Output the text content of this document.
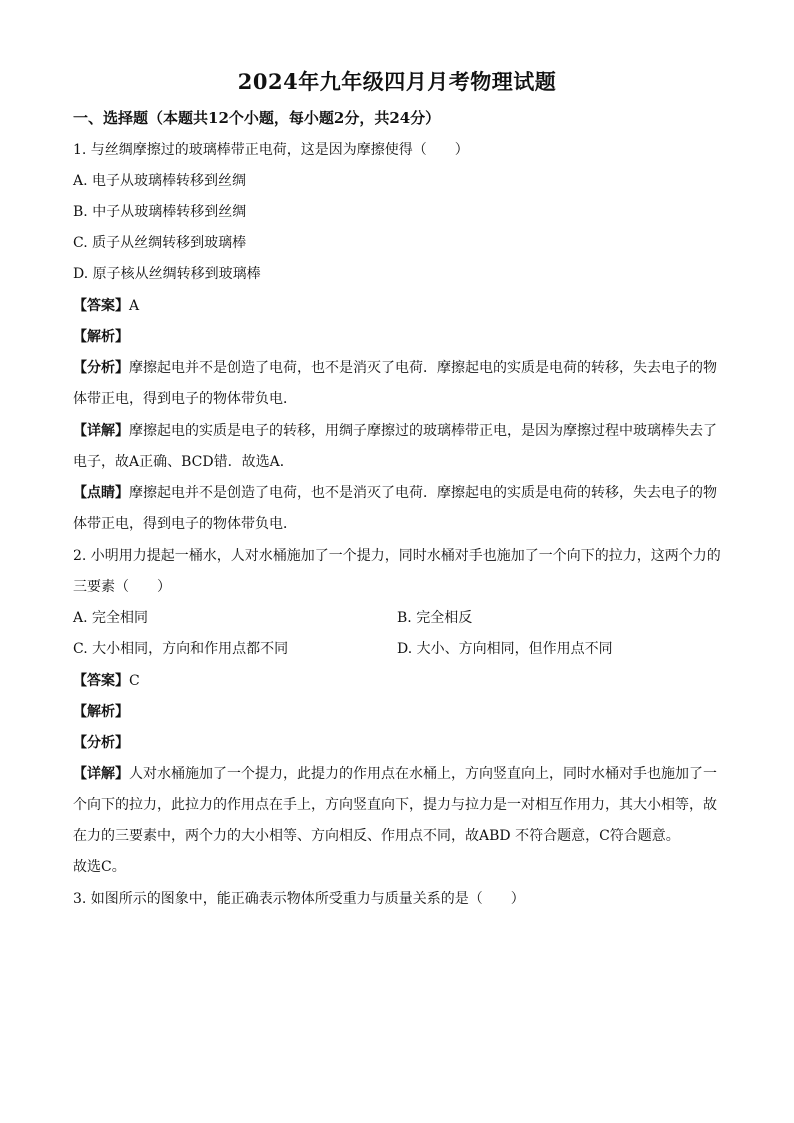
2024年九年级四月月考物理试题
一、选择题（本题共12个小题，每小题2分，共24分）
1. 与丝绸摩擦过的玻璃棒带正电荷，这是因为摩擦使得（　　）
A. 电子从玻璃棒转移到丝绸
B. 中子从玻璃棒转移到丝绸
C. 质子从丝绸转移到玻璃棒
D. 原子核从丝绸转移到玻璃棒
【答案】A
【解析】
【分析】摩擦起电并不是创造了电荷，也不是消灭了电荷．摩擦起电的实质是电荷的转移，失去电子的物
体带正电，得到电子的物体带负电．
【详解】摩擦起电的实质是电子的转移，用绸子摩擦过的玻璃棒带正电，是因为摩擦过程中玻璃棒失去了
电子，故A正确、BCD错．故选A．
【点睛】摩擦起电并不是创造了电荷，也不是消灭了电荷．摩擦起电的实质是电荷的转移，失去电子的物
体带正电，得到电子的物体带负电．
2. 小明用力提起一桶水，人对水桶施加了一个提力，同时水桶对手也施加了一个向下的拉力，这两个力的
三要素（　　）
A. 完全相同	B. 完全相反
C. 大小相同，方向和作用点都不同	D. 大小、方向相同，但作用点不同
【答案】C
【解析】
【分析】
【详解】人对水桶施加了一个提力，此提力的作用点在水桶上，方向竖直向上，同时水桶对手也施加了一
个向下的拉力，此拉力的作用点在手上，方向竖直向下，提力与拉力是一对相互作用力，其大小相等，故
在力的三要素中，两个力的大小相等、方向相反、作用点不同，故ABD 不符合题意，C符合题意。
故选C。
3. 如图所示的图象中，能正确表示物体所受重力与质量关系的是（　　）
